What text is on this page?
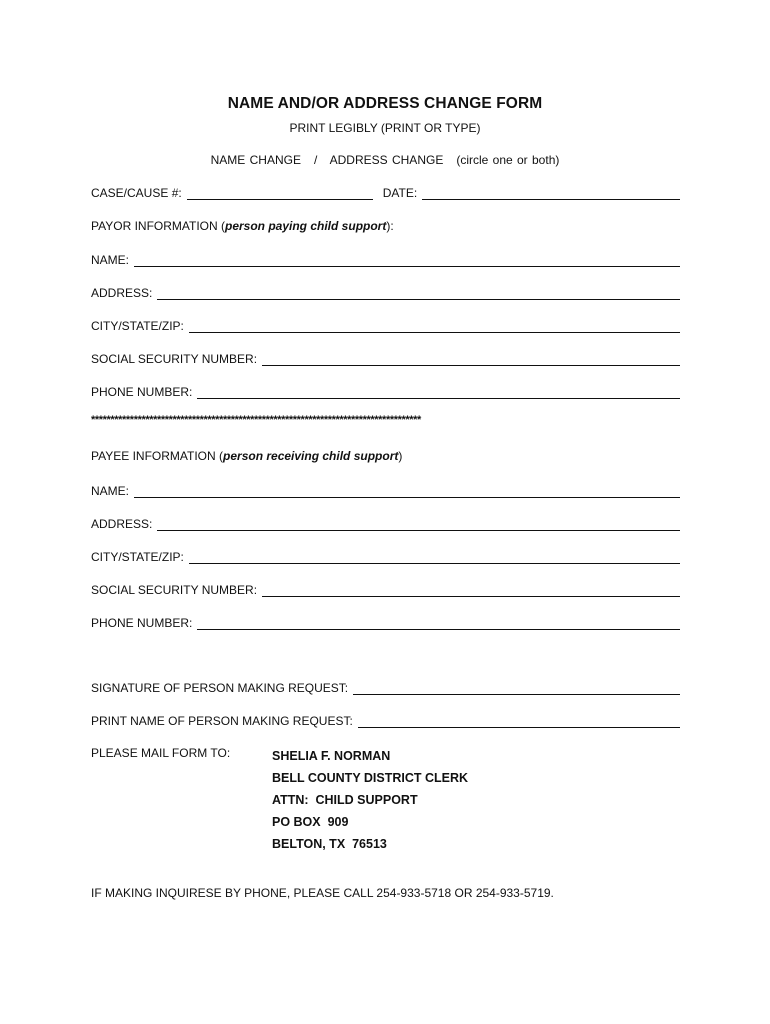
NAME AND/OR ADDRESS CHANGE FORM
PRINT LEGIBLY (PRINT OR TYPE)
NAME CHANGE   /   ADDRESS CHANGE   (circle one or both)
CASE/CAUSE #:	DATE:
PAYOR INFORMATION (person paying child support):
NAME:
ADDRESS:
CITY/STATE/ZIP:
SOCIAL SECURITY NUMBER:
PHONE NUMBER:
*************************************************************************************
PAYEE INFORMATION (person receiving child support)
NAME:
ADDRESS:
CITY/STATE/ZIP:
SOCIAL SECURITY NUMBER:
PHONE NUMBER:
SIGNATURE OF PERSON MAKING REQUEST:
PRINT NAME OF PERSON MAKING REQUEST:
PLEASE MAIL FORM TO:	SHELIA F. NORMAN
BELL COUNTY DISTRICT CLERK
ATTN:  CHILD SUPPORT
PO BOX  909
BELTON, TX  76513
IF MAKING INQUIRESE BY PHONE, PLEASE CALL 254-933-5718 OR 254-933-5719.
